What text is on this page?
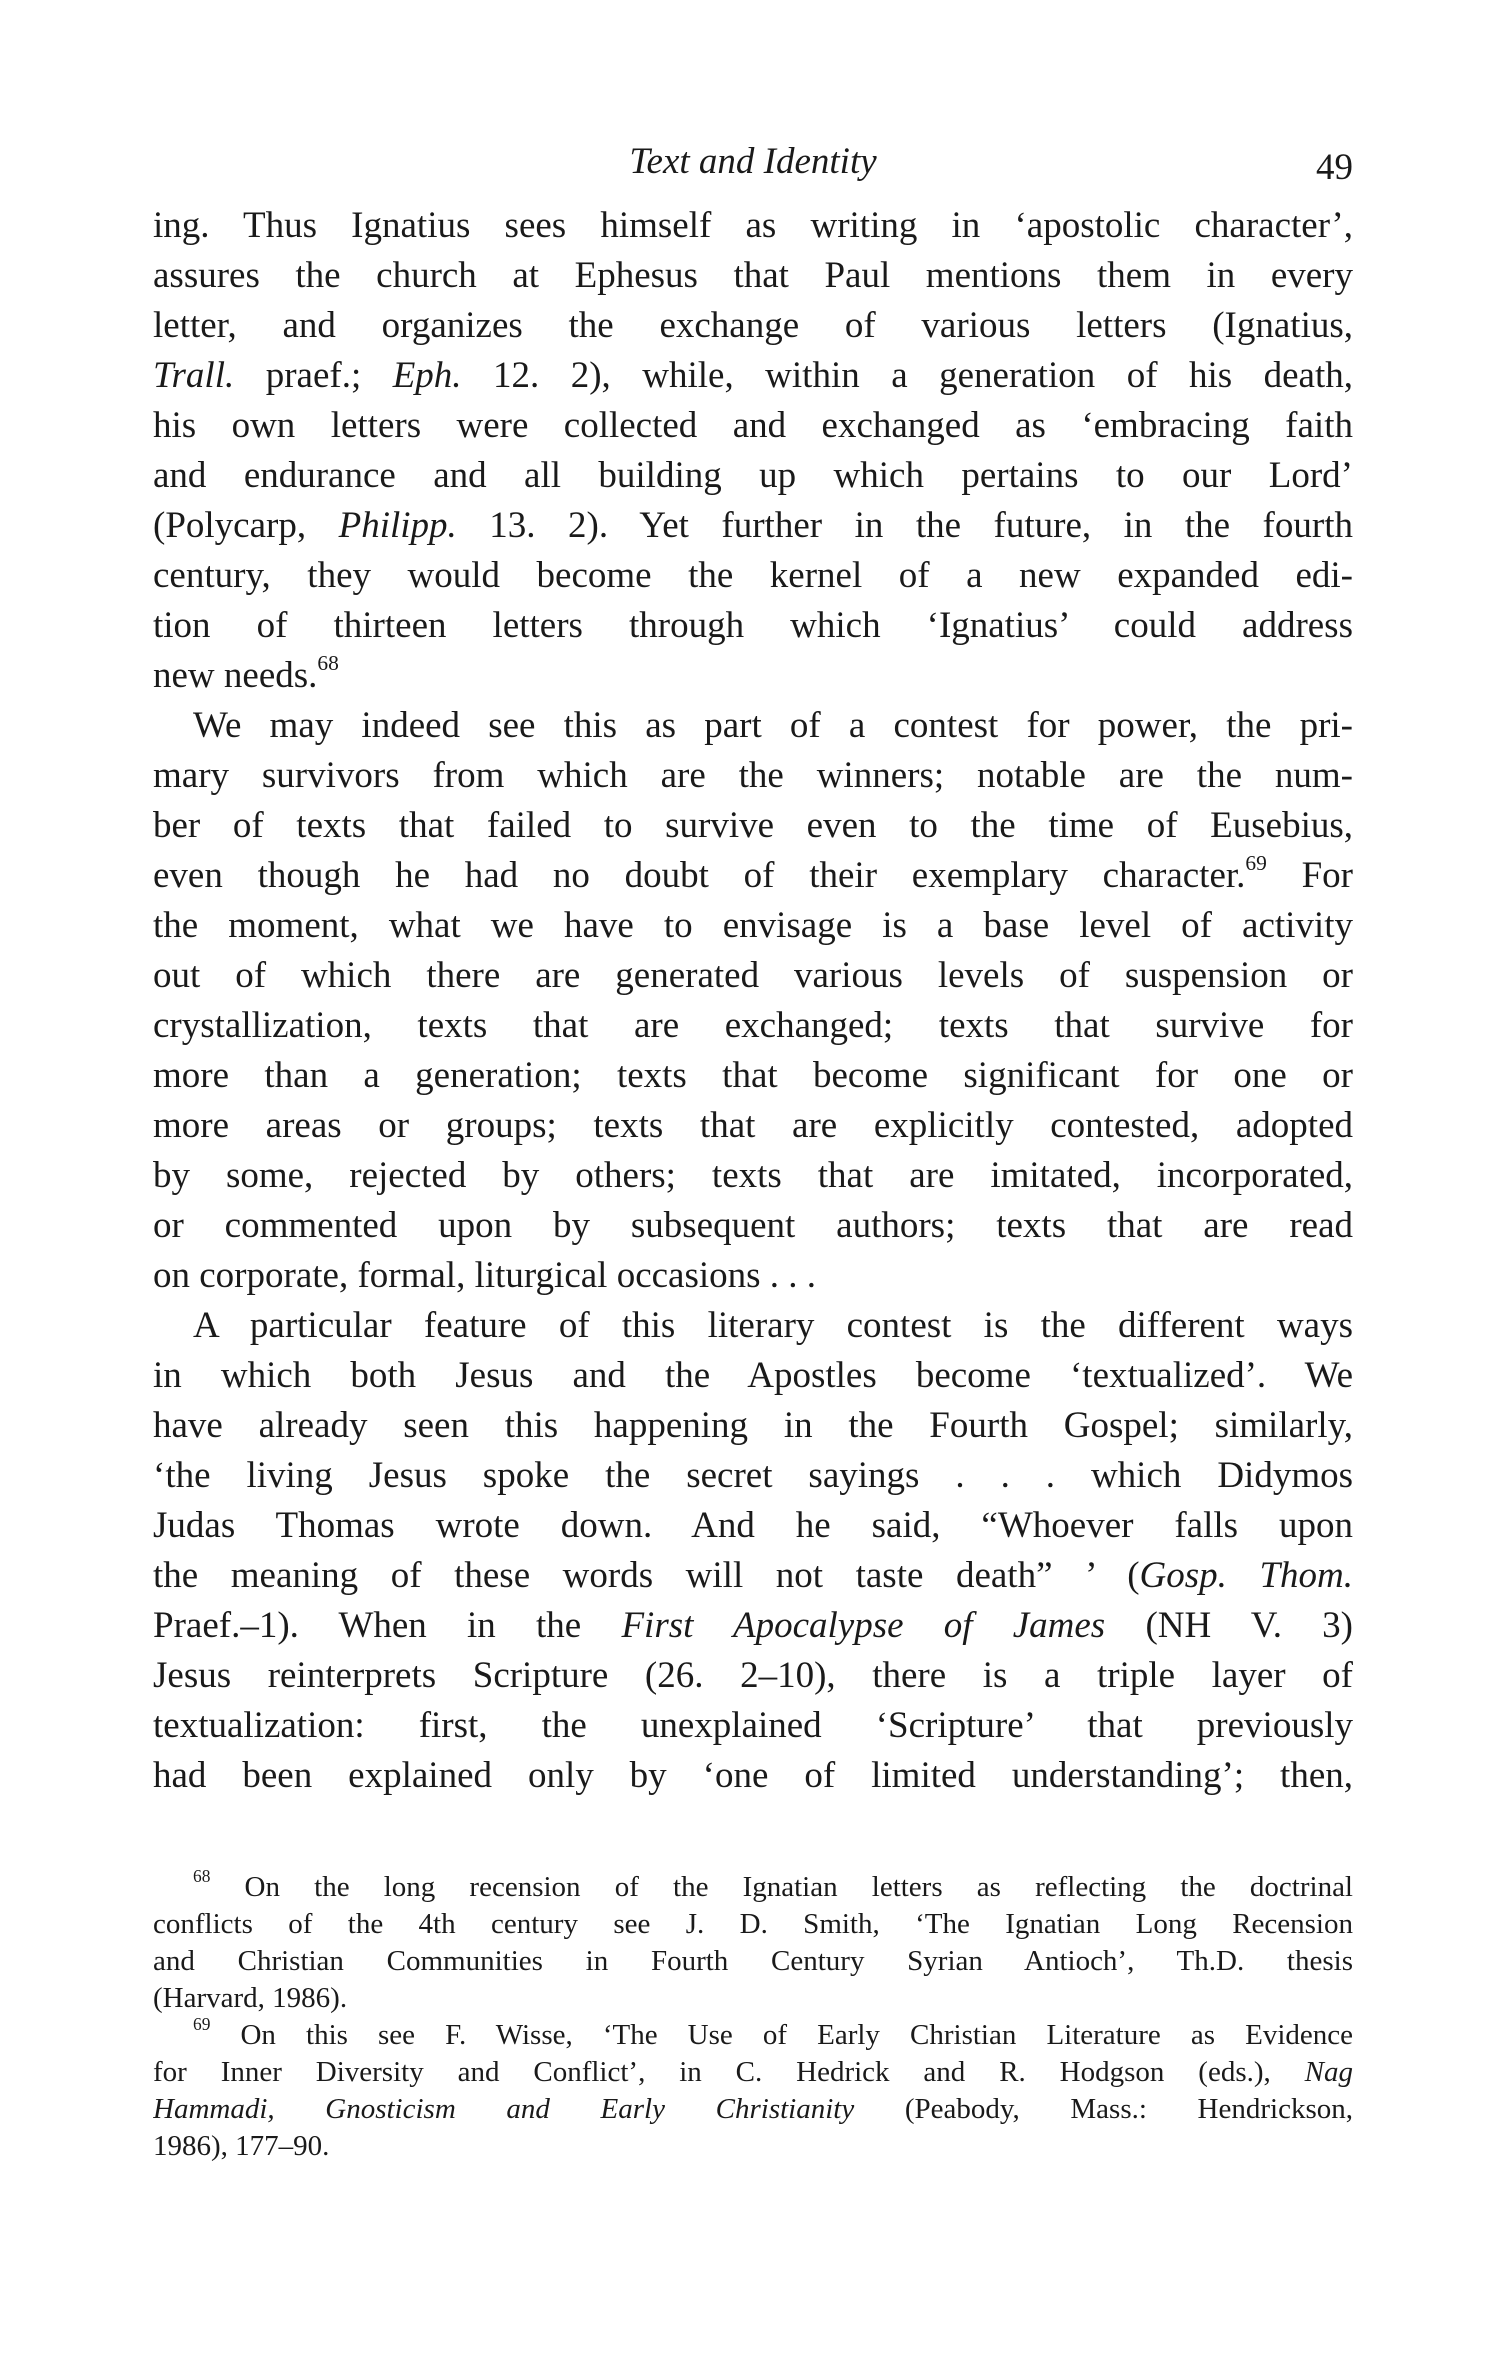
Text and Identity	49
ing. Thus Ignatius sees himself as writing in ‘apostolic character’,
assures the church at Ephesus that Paul mentions them in every
letter, and organizes the exchange of various letters (Ignatius,
Trall. praef.; Eph. 12. 2), while, within a generation of his death,
his own letters were collected and exchanged as ‘embracing faith
and endurance and all building up which pertains to our Lord’
(Polycarp, Philipp. 13. 2). Yet further in the future, in the fourth
century, they would become the kernel of a new expanded edi-
tion of thirteen letters through which ‘Ignatius’ could address
new needs.$^{68}$
We may indeed see this as part of a contest for power, the pri-
mary survivors from which are the winners; notable are the num-
ber of texts that failed to survive even to the time of Eusebius,
even though he had no doubt of their exemplary character.$^{69}$ For
the moment, what we have to envisage is a base level of activity
out of which there are generated various levels of suspension or
crystallization, texts that are exchanged; texts that survive for
more than a generation; texts that become significant for one or
more areas or groups; texts that are explicitly contested, adopted
by some, rejected by others; texts that are imitated, incorporated,
or commented upon by subsequent authors; texts that are read
on corporate, formal, liturgical occasions . . .
A particular feature of this literary contest is the different ways
in which both Jesus and the Apostles become ‘textualized’. We
have already seen this happening in the Fourth Gospel; similarly,
‘the living Jesus spoke the secret sayings . . . which Didymos
Judas Thomas wrote down. And he said, “Whoever falls upon
the meaning of these words will not taste death” ’ (Gosp. Thom.
Praef.–1). When in the First Apocalypse of James (NH V. 3)
Jesus reinterprets Scripture (26. 2–10), there is a triple layer of
textualization: first, the unexplained ‘Scripture’ that previously
had been explained only by ‘one of limited understanding’; then,
$^{68}$ On the long recension of the Ignatian letters as reflecting the doctrinal
conflicts of the 4th century see J. D. Smith, ‘The Ignatian Long Recension
and Christian Communities in Fourth Century Syrian Antioch’, Th.D. thesis
(Harvard, 1986).
$^{69}$ On this see F. Wisse, ‘The Use of Early Christian Literature as Evidence
for Inner Diversity and Conflict’, in C. Hedrick and R. Hodgson (eds.), Nag
Hammadi, Gnosticism and Early Christianity (Peabody, Mass.: Hendrickson,
1986), 177–90.
